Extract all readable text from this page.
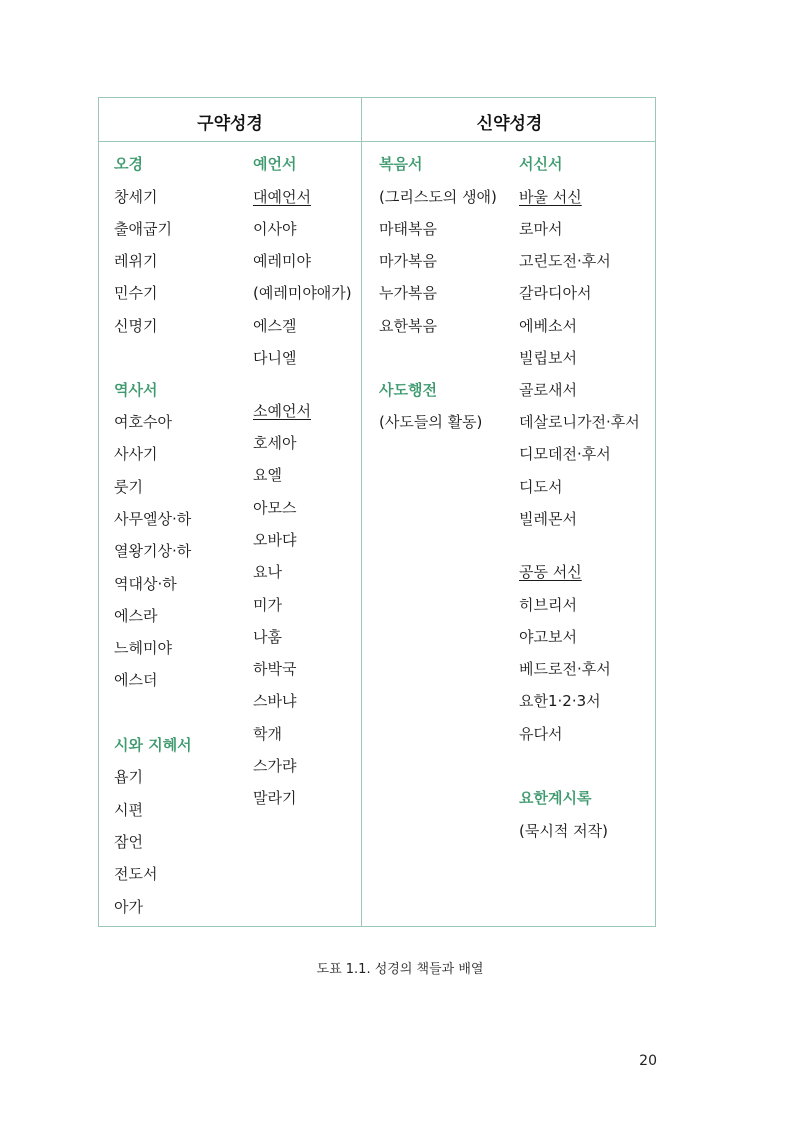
구약성경	신약성경
오경
창세기
출애굽기
레위기
민수기
신명기
역사서
여호수아
사사기
룻기
사무엘상·하
열왕기상·하
역대상·하
에스라
느헤미야
에스더
시와 지혜서
욥기
시편
잠언
전도서
아가
예언서
대예언서
이사야
예레미야
(예레미야애가)
에스겔
다니엘
소예언서
호세아
요엘
아모스
오바댜
요나
미가
나훔
하박국
스바냐
학개
스가랴
말라기
복음서
(그리스도의 생애)
마태복음
마가복음
누가복음
요한복음
사도행전
(사도들의 활동)
서신서
바울 서신
로마서
고린도전·후서
갈라디아서
에베소서
빌립보서
골로새서
데살로니가전·후서
디모데전·후서
디도서
빌레몬서
공동 서신
히브리서
야고보서
베드로전·후서
요한1·2·3서
유다서
요한계시록
(묵시적 저작)
도표 1.1. 성경의 책들과 배열
20
